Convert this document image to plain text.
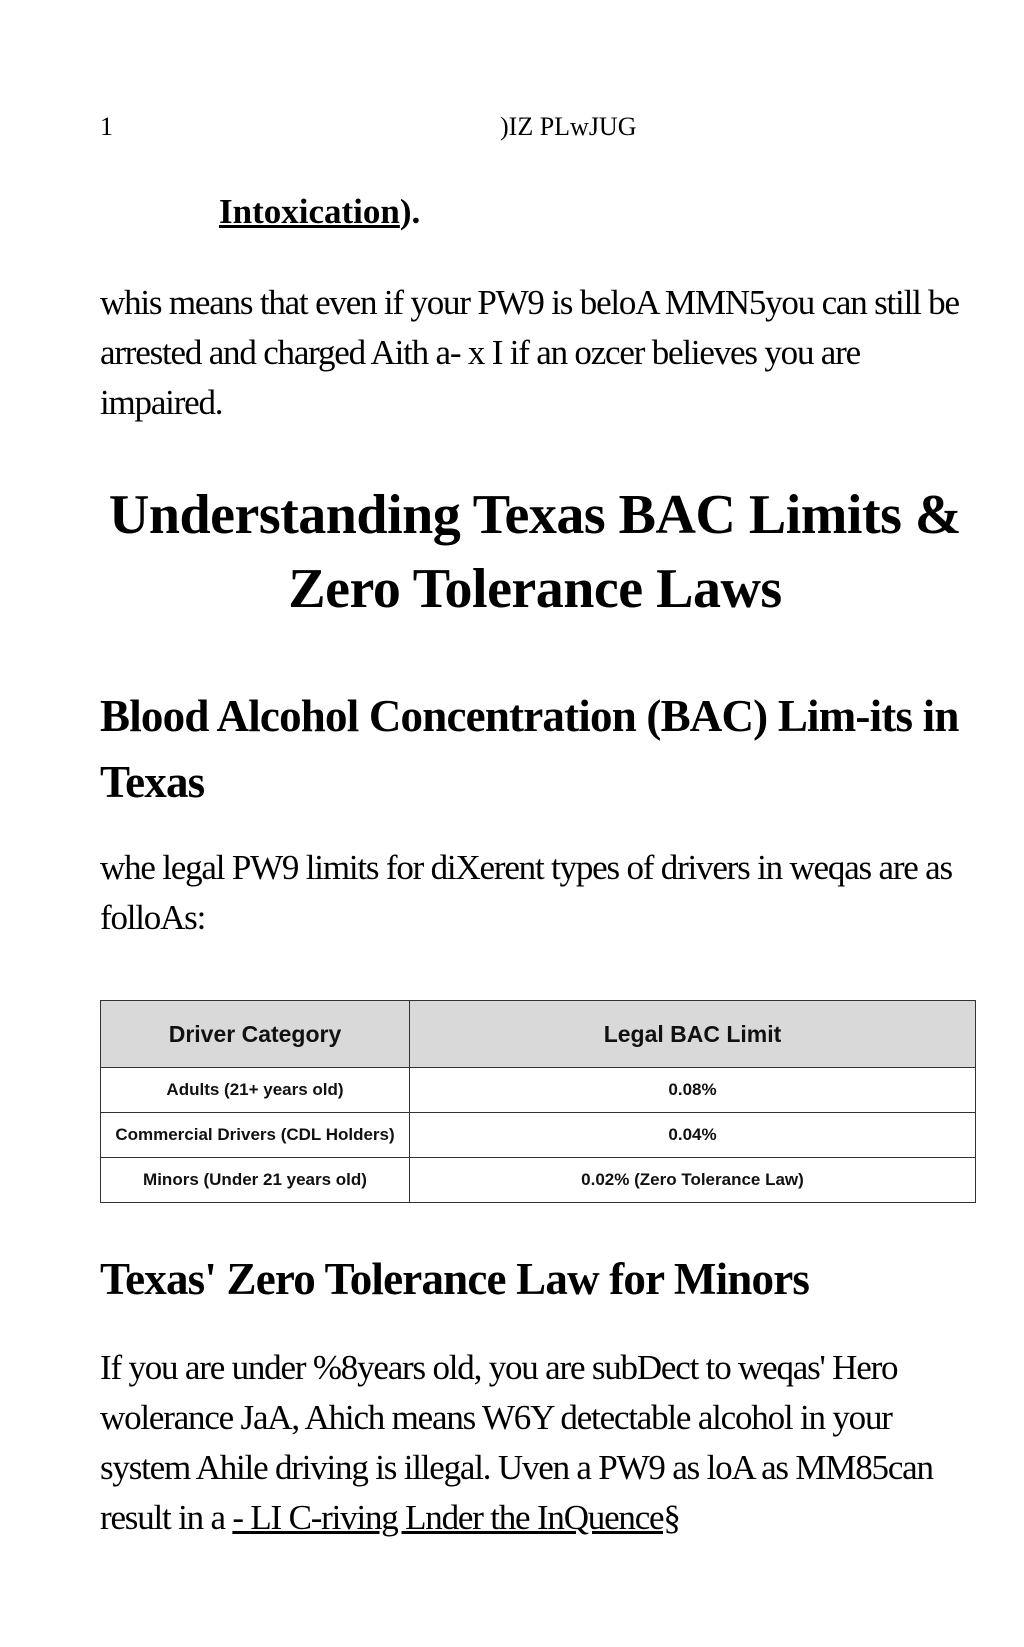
1	)IZ PLwJUG
Intoxication).
whis means that even if your PW9 is beloA MMN5you can still be arrested and charged Aith a- x I if an ozcer believes you are impaired.
Understanding Texas BAC Limits & Zero Tolerance Laws
Blood Alcohol Concentration (BAC) Lim-its in Texas
whe legal PW9 limits for diXerent types of drivers in weqas are as folloAs:
Driver Category	Legal BAC Limit
Adults (21+ years old)	0.08%
Commercial Drivers (CDL Holders)	0.04%
Minors (Under 21 years old)	0.02% (Zero Tolerance Law)
Texas' Zero Tolerance Law for Minors
If you are under %8years old, you are subDect to weqas' Hero wolerance JaA, Ahich means W6Y detectable alcohol in your system Ahile driving is illegal. Uven a PW9 as loA as MM85can result in a - LI C-riving Lnder the InQuence§
